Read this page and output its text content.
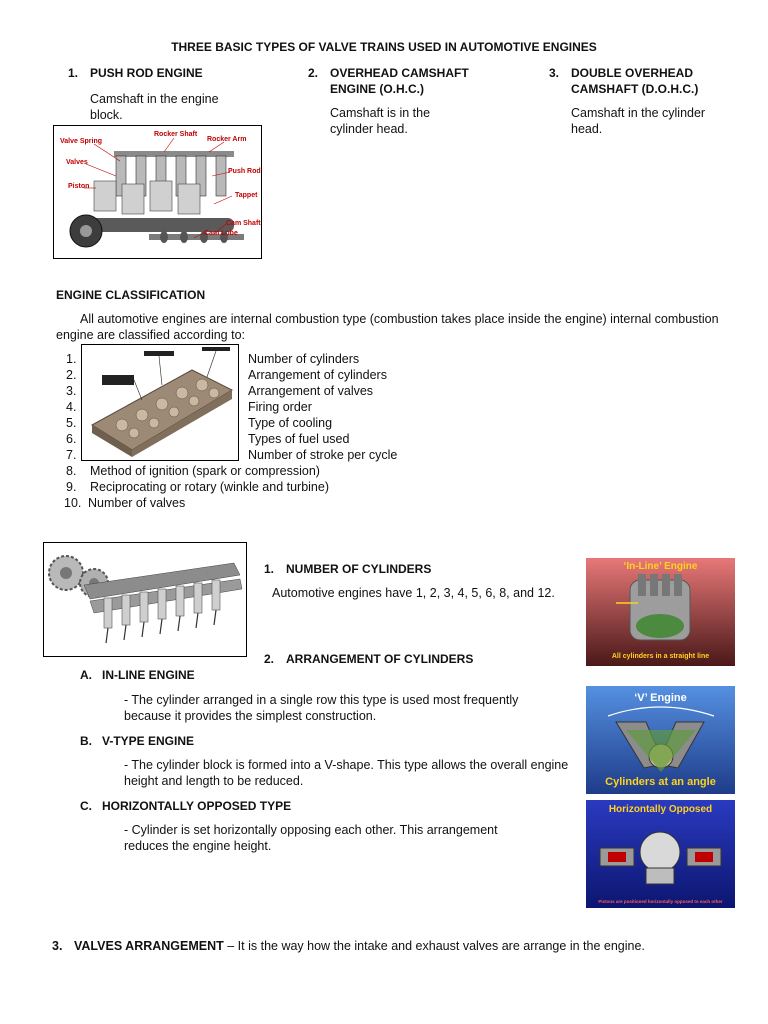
THREE BASIC TYPES OF VALVE TRAINS USED IN AUTOMOTIVE ENGINES
1. PUSH ROD ENGINE
Camshaft in the engine block.
2. OVERHEAD CAMSHAFT
ENGINE (O.H.C.)
Camshaft is in the cylinder head.
3. DOUBLE OVERHEAD
CAMSHAFT (D.O.H.C.)
Camshaft in the cylinder head.
Valve Spring
Valves
Piston
Rocker Shaft
Rocker Arm
Push Rod
Tappet
Cam Shaft
Cam Lobe
ENGINE CLASSIFICATION
All automotive engines are internal combustion type (combustion takes place inside the engine) internal combustion engine are classified according to:
1.	Number of cylinders
2.	Arrangement of cylinders
3.	Arrangement of valves
4.	Firing order
5.	Type of cooling
6.	Types of fuel used
7.	Number of stroke per cycle
8. Method of ignition (spark or compression)
9. Reciprocating or rotary (winkle and turbine)
10. Number of valves
1. NUMBER OF CYLINDERS
Automotive engines have 1, 2, 3, 4, 5, 6, 8, and 12.
2. ARRANGEMENT OF CYLINDERS
A. IN-LINE ENGINE
- The cylinder arranged in a single row this type is used most frequently because it provides the simplest construction.
B. V-TYPE ENGINE
- The cylinder block is formed into a V-shape. This type allows the overall engine height and length to be reduced.
C. HORIZONTALLY OPPOSED TYPE
- Cylinder is set horizontally opposing each other. This arrangement reduces the engine height.
‘In-Line’ Engine
All cylinders in a straight line
‘V’ Engine
Cylinders at an angle
Horizontally Opposed
Pistons are positioned horizontally opposed to each other
3. VALVES ARRANGEMENT – It is the way how the intake and exhaust valves are arrange in the engine.
